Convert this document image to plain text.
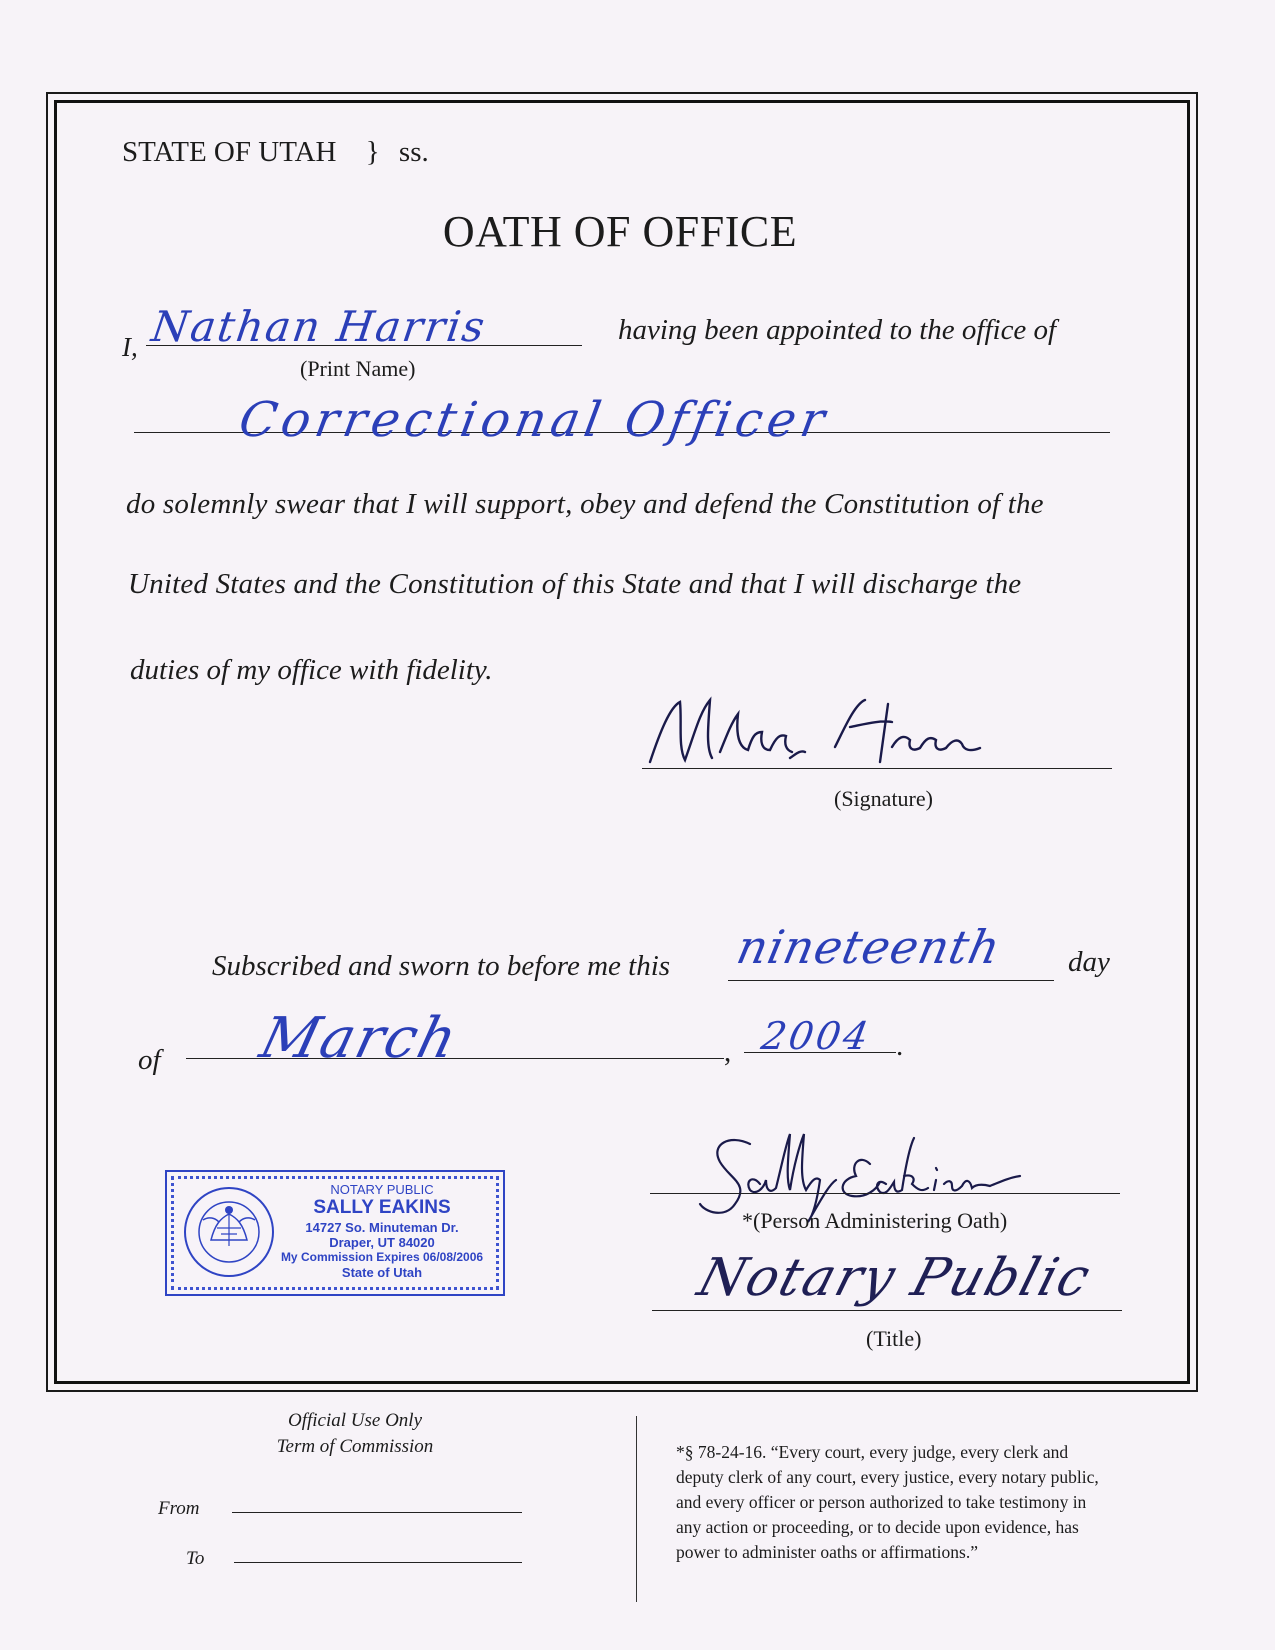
STATE OF UTAH } ss.
OATH OF OFFICE
I, Nathan Harris
(Print Name)
having been appointed to the office of
Correctional Officer
do solemnly swear that I will support, obey and defend the Constitution of the
United States and the Constitution of this State and that I will discharge the
duties of my office with fidelity.
(Signature)
Subscribed and sworn to before me this nineteenth day
of March	, 2004 .
*(Person Administering Oath)
Notary Public
(Title)
NOTARY PUBLIC
SALLY EAKINS
14727 So. Minuteman Dr.
Draper, UT 84020
My Commission Expires 06/08/2006
State of Utah
Official Use Only
Term of Commission
From
To
*§ 78-24-16. “Every court, every judge, every clerk and
deputy clerk of any court, every justice, every notary public,
and every officer or person authorized to take testimony in
any action or proceeding, or to decide upon evidence, has
power to administer oaths or affirmations.”
